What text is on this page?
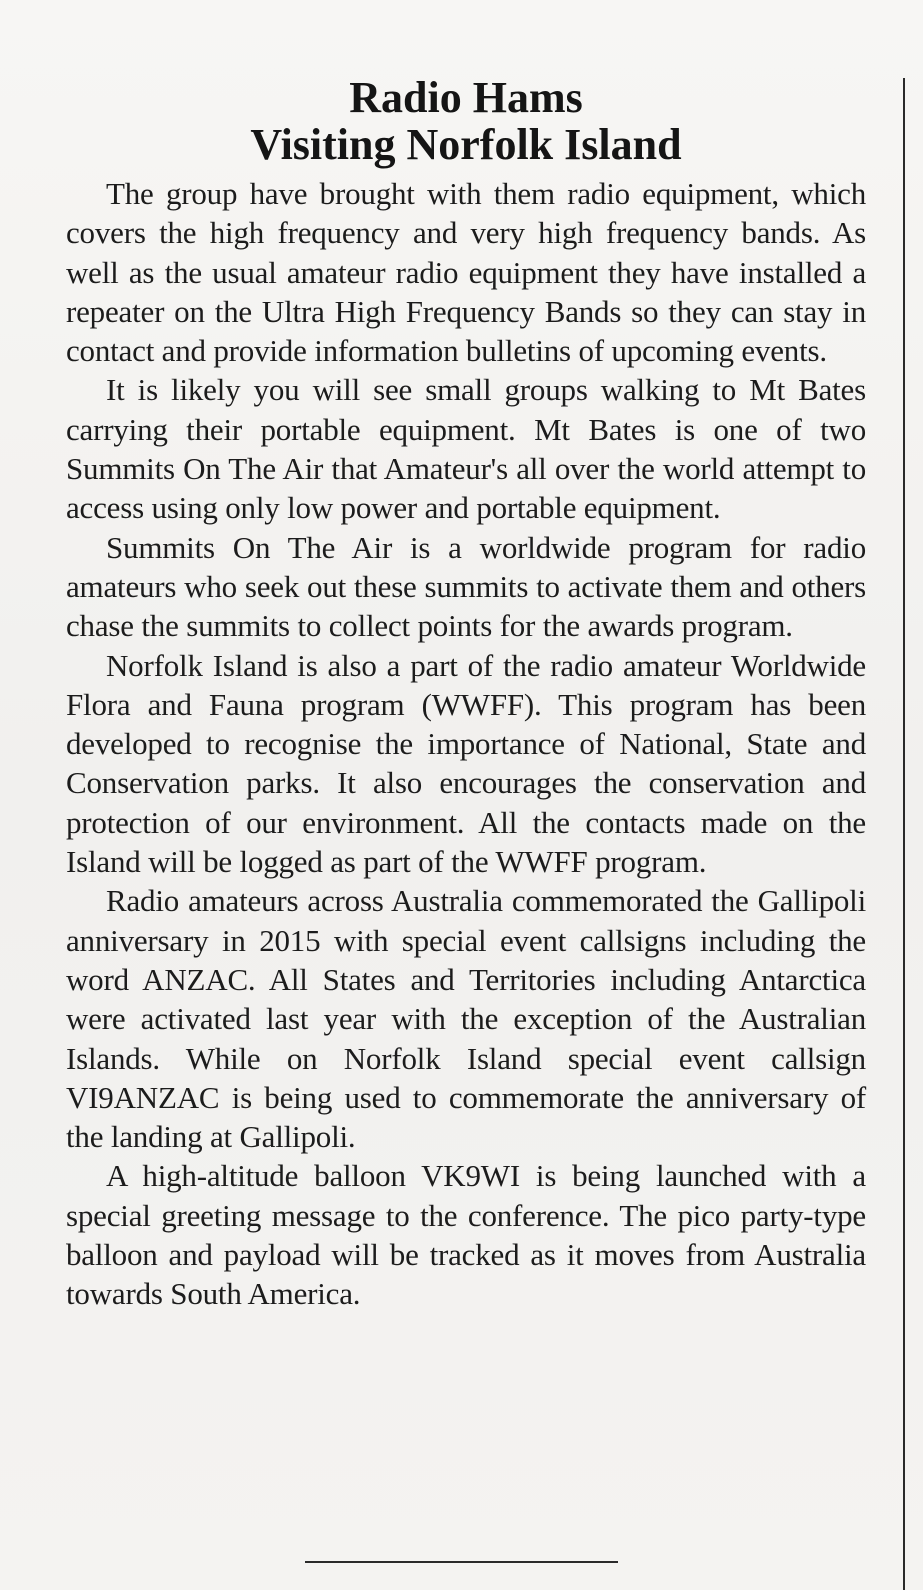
Radio Hams
Visiting Norfolk Island

The group have brought with them radio equipment, which covers the high frequency and very high frequency bands. As well as the usual amateur radio equipment they have installed a repeater on the Ultra High Frequency Bands so they can stay in contact and provide information bulletins of upcoming events.

It is likely you will see small groups walking to Mt Bates carrying their portable equipment. Mt Bates is one of two Summits On The Air that Amateur's all over the world attempt to access using only low power and portable equipment.

Summits On The Air is a worldwide program for radio amateurs who seek out these summits to activate them and others chase the summits to collect points for the awards program.

Norfolk Island is also a part of the radio amateur Worldwide Flora and Fauna program (WWFF). This program has been developed to recognise the importance of National, State and Conservation parks. It also encourages the conservation and protection of our environment. All the contacts made on the Island will be logged as part of the WWFF program.

Radio amateurs across Australia commemorated the Gallipoli anniversary in 2015 with special event callsigns including the word ANZAC. All States and Territories including Antarctica were activated last year with the exception of the Australian Islands. While on Norfolk Island special event callsign VI9ANZAC is being used to commemorate the anniversary of the landing at Gallipoli.

A high-altitude balloon VK9WI is being launched with a special greeting message to the conference. The pico party-type balloon and payload will be tracked as it moves from Australia towards South America.
